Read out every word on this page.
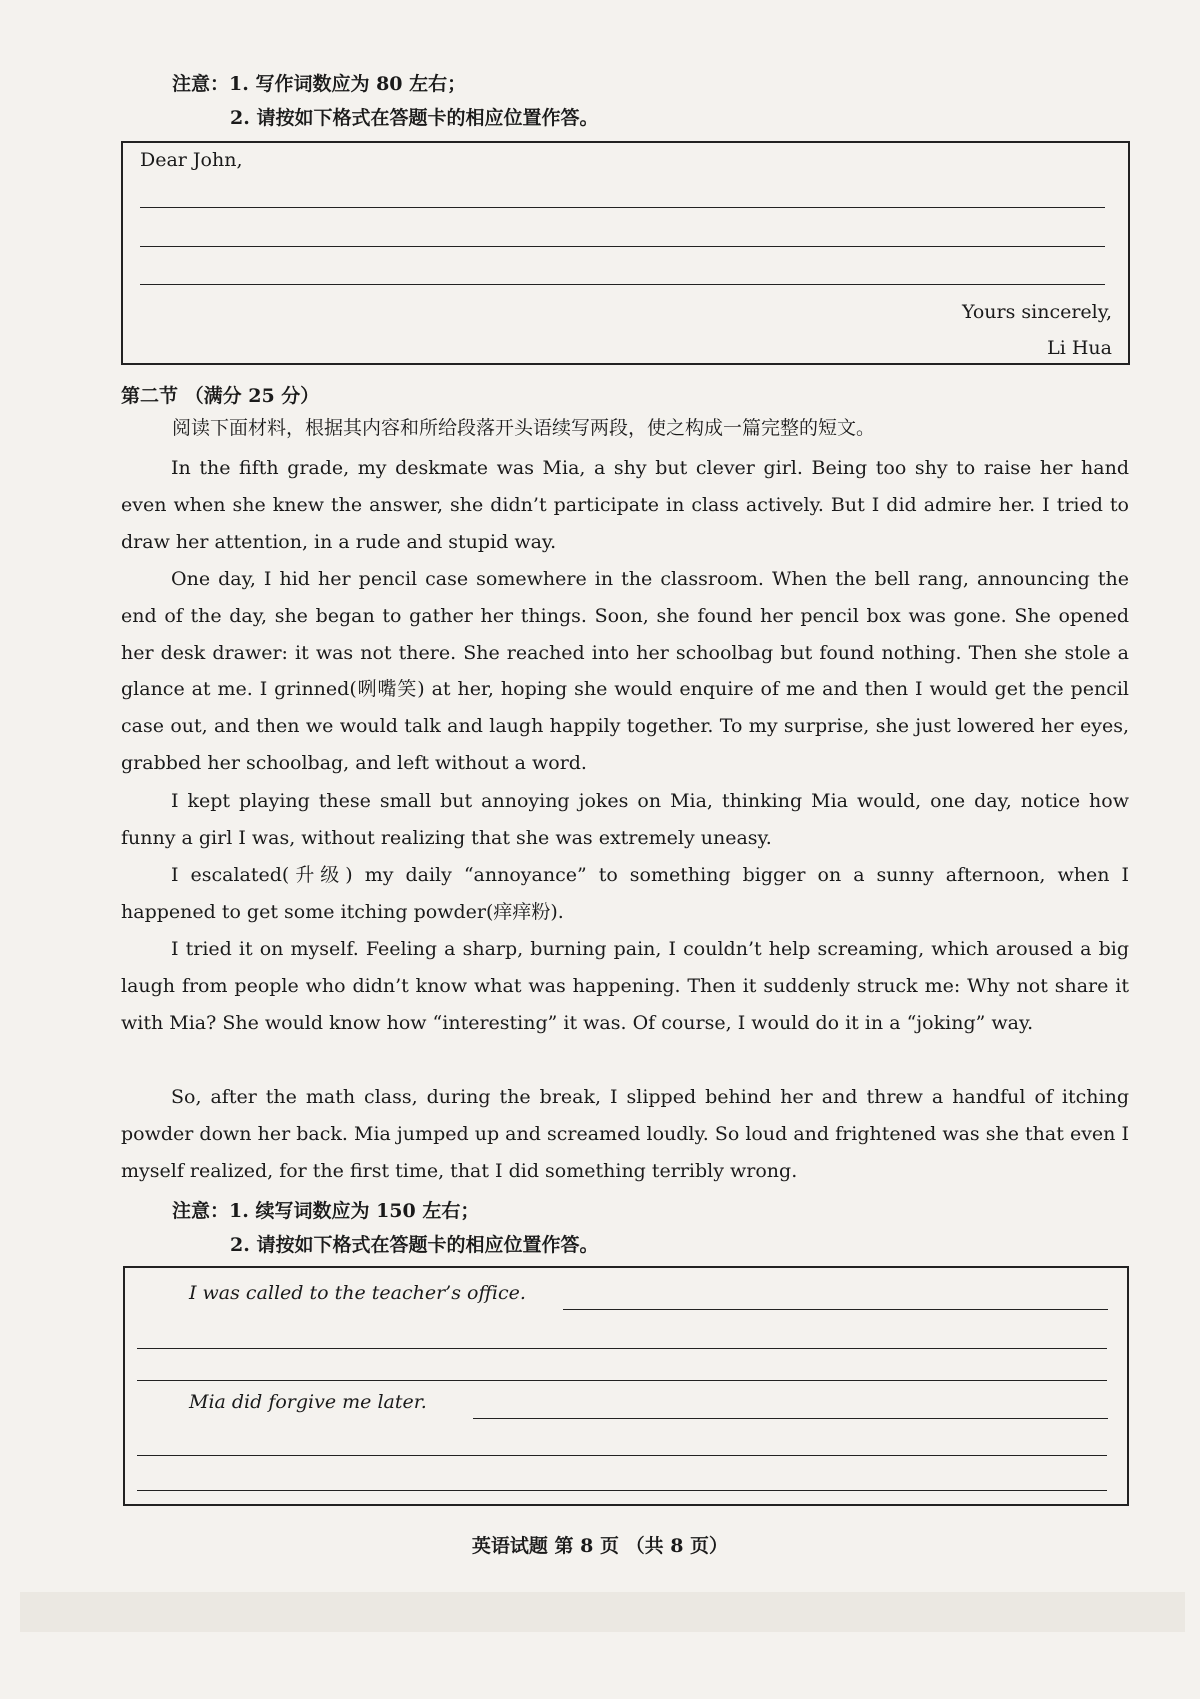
注意：1. 写作词数应为 80 左右；
2. 请按如下格式在答题卡的相应位置作答。
Dear John,
Yours sincerely,
Li Hua
第二节 （满分 25 分）
阅读下面材料，根据其内容和所给段落开头语续写两段，使之构成一篇完整的短文。

In the fifth grade, my deskmate was Mia, a shy but clever girl. Being too shy to raise her hand even when she knew the answer, she didn’t participate in class actively. But I did admire her. I tried to draw her attention, in a rude and stupid way.

One day, I hid her pencil case somewhere in the classroom. When the bell rang, announcing the end of the day, she began to gather her things. Soon, she found her pencil box was gone. She opened her desk drawer: it was not there. She reached into her schoolbag but found nothing. Then she stole a glance at me. I grinned(咧嘴笑) at her, hoping she would enquire of me and then I would get the pencil case out, and then we would talk and laugh happily together. To my surprise, she just lowered her eyes, grabbed her schoolbag, and left without a word.

I kept playing these small but annoying jokes on Mia, thinking Mia would, one day, notice how funny a girl I was, without realizing that she was extremely uneasy.

I escalated(升级) my daily “annoyance” to something bigger on a sunny afternoon, when I happened to get some itching powder(痒痒粉).

I tried it on myself. Feeling a sharp, burning pain, I couldn’t help screaming, which aroused a big laugh from people who didn’t know what was happening. Then it suddenly struck me: Why not share it with Mia? She would know how “interesting” it was. Of course, I would do it in a “joking” way.

So, after the math class, during the break, I slipped behind her and threw a handful of itching powder down her back. Mia jumped up and screamed loudly. So loud and frightened was she that even I myself realized, for the first time, that I did something terribly wrong.

注意：1. 续写词数应为 150 左右；
2. 请按如下格式在答题卡的相应位置作答。
I was called to the teacher’s office.
Mia did forgive me later.
英语试题 第 8 页 （共 8 页）
